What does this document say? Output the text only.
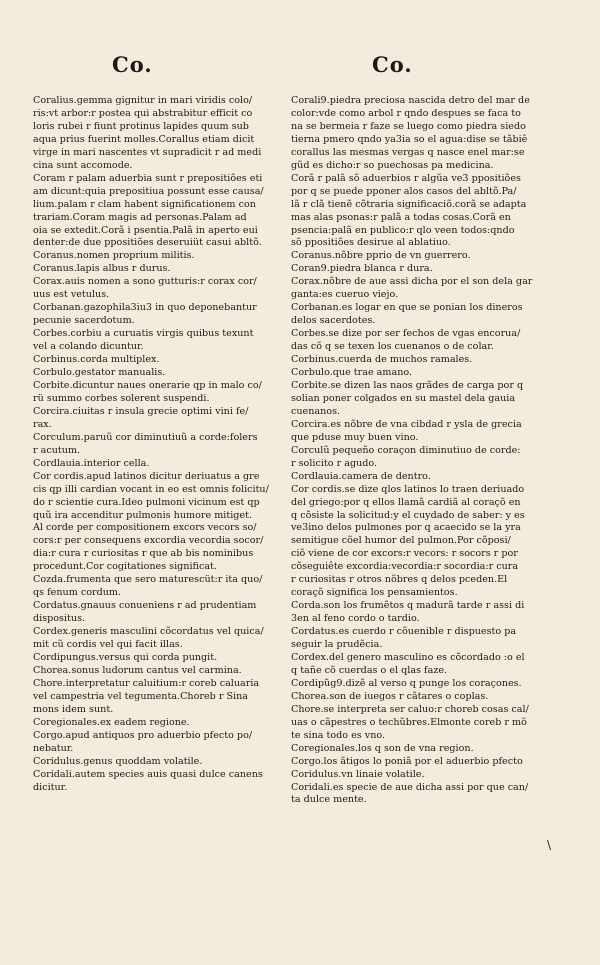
Co.	Co.

Coralius.gemma gignitur in mari viridis colo/
ris:vt arbor:r postea qui abstrabitur efficit co
loris rubei r fiunt protinus lapides quum sub
aqua prius fuerint molles.Corallus etiam dicit
virge in mari nascentes vt supradicit r ad medi
cina sunt accomode.

Coram r palam aduerbia sunt r prepositiões eti
am dicunt:quia prepositiua possunt esse causa/
lium.palam r clam habent significationem con
trariam.Coram magis ad personas.Palam ad
oia se extedit.Corã i psentia.Palã in aperto eui
denter:de due ppositiões deseruiüt casui abltõ.

Coranus.nomen proprium militis.

Coranus.lapis albus r durus.

Corax.auis nomen a sono gutturis:r corax cor/
uus est vetulus.

Corbanan.gazophila3iu3 in quo deponebantur
pecunie sacerdotum.

Corbes.corbiu a curuatis virgis quibus texunt
vel a colando dicuntur.

Corbinus.corda multiplex.

Corbulo.gestator manualis.

Corbite.dicuntur naues onerarie qp in malo co/
rü summo corbes solerent suspendi.

Corcira.ciuitas r insula grecie optimi vini fe/
rax.

Corculum.paruũ cor diminutiuũ a corde:folers
r acutum.

Cordlauia.interior cella.

Cor cordis.apud latinos dicitur deriuatus a gre
cis qp illi cardian vocant in eo est omnis folicitu/
do r scientie cura.Ideo pulmoni vicinum est qp
quũ ira accenditur pulmonis humore mitiget.
Al corde per compositionem excors vecors so/
cors:r per consequens excordia vecordia socor/
dia:r cura r curiositas r que ab bis nominibus
procedunt.Cor cogitationes significat.

Cozda.frumenta que sero maturescüt:r ita quo/
qs fenum cordum.

Cordatus.gnauus conueniens r ad prudentiam
dispositus.

Cordex.generis masculini cõcordatus vel quica/
mit cũ cordis vel qui facit illas.

Cordipungus.versus qui corda pungit.

Chorea.sonus ludorum cantus vel carmina.

Chore.interpretatur caluitium:r coreb caluaria
vel campestria vel tegumenta.Choreb r Sina
mons idem sunt.

Coregionales.ex eadem regione.

Corgo.apud antiquos pro aduerbio pfecto po/
nebatur.

Coridulus.genus quoddam volatile.

Coridali.autem species auis quasi dulce canens
dicitur.

Corali9.piedra preciosa nascida detro del mar de
color:vde como arbol r qndo despues se faca to
na se bermeia r faze se luego como piedra siedo
tierna pmero qndo ya3ia so el agua:dise se tãbiê
corallus las mesmas vergas q nasce enel mar:se
gũd es dicho:r so puechosas pa medicina.

Corã r palã sõ aduerbios r algũa ve3 ppositiões
por q se puede pponer alos casos del abltõ.Pa/
lã r clã tienẽ cõtraria significaciõ.corã se adapta
mas alas psonas:r palã a todas cosas.Corã en
psencia:palã en publico:r qlo veen todos:qndo
sõ ppositiões desirue al ablatiuo.

Coranus.nõbre pprio de vn guerrero.

Coran9.piedra blanca r dura.

Corax.nõbre de aue assi dicha por el son dela gar
ganta:es cueruo viejo.

Corbanan.es logar en que se ponian los dineros
delos sacerdotes.

Corbes.se dize por ser fechos de vgas encorua/
das cõ q se texen los cuenanos o de colar.

Corbinus.cuerda de muchos ramales.

Corbulo.que trae amano.

Corbite.se dizen las naos grãdes de carga por q
solian poner colgados en su mastel dela gauia
cuenanos.

Corcira.es nõbre de vna cibdad r ysla de grecia
que pduse muy buen vino.

Corculũ pequeño coraçon diminutiuo de corde:
r solicito r agudo.

Cordlauia.camera de dentro.

Cor cordis.se dize qlos latinos lo traen deriuado
del griego:por q ellos llamã cardiã al coraçõ en
q cõsiste la solicitud:y el cuydado de saber: y es
ve3ino delos pulmones por q acaecido se la yra
semitigue cõel humor del pulmon.Por cõposi/
ciõ viene de cor excors:r vecors: r socors r por
cõseguiête excordia:vecordia:r socordia:r cura
r curiositas r otros nõbres q delos pceden.El
coraçõ significa los pensamientos.

Corda.son los frumẽtos q madurã tarde r assi di
3en al feno cordo o tardio.

Cordatus.es cuerdo r cõuenible r dispuesto pa
seguir la prudẽcia.

Cordex.del genero masculino es cõcordado :o el
q tañe cõ cuerdas o el qlas faze.

Cordipũg9.dizẽ al verso q punge los coraçones.

Chorea.son de iuegos r cãtares o coplas.

Chore.se interpreta ser caluo:r choreb cosas cal/
uas o cãpestres o techũbres.Elmonte coreb r mõ
te sina todo es vno.

Coregionales.los q son de vna region.

Corgo.los ãtigos lo poniã por el aduerbio pfecto

Coridulus.vn linaie volatile.

Coridali.es specie de aue dicha assi por que can/
ta dulce mente.

\
